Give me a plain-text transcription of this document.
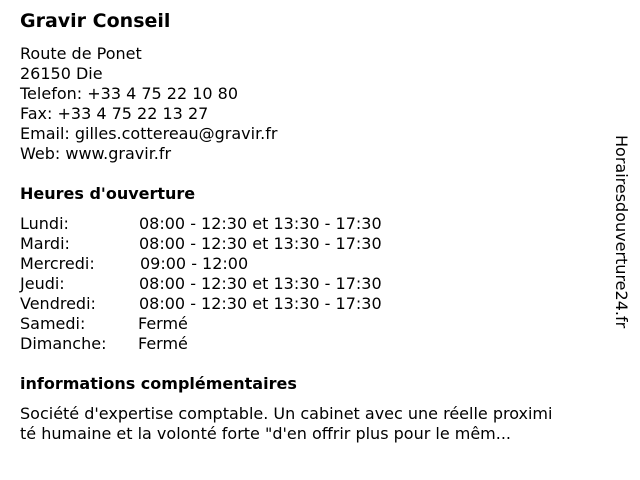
Gravir Conseil
Route de Ponet
26150 Die
Telefon: +33 4 75 22 10 80
Fax: +33 4 75 22 13 27
Email: gilles.cottereau@gravir.fr
Web: www.gravir.fr
Heures d'ouverture
Lundi:	08:00 - 12:30 et 13:30 - 17:30
Mardi:	08:00 - 12:30 et 13:30 - 17:30
Mercredi:	09:00 - 12:00
Jeudi:	08:00 - 12:30 et 13:30 - 17:30
Vendredi:	08:00 - 12:30 et 13:30 - 17:30
Samedi:	Fermé
Dimanche: Fermé
informations complémentaires
Société d'expertise comptable. Un cabinet avec une réelle proximi
té humaine et la volonté forte "d'en offrir plus pour le mêm...
Horairesdouverture24.fr
